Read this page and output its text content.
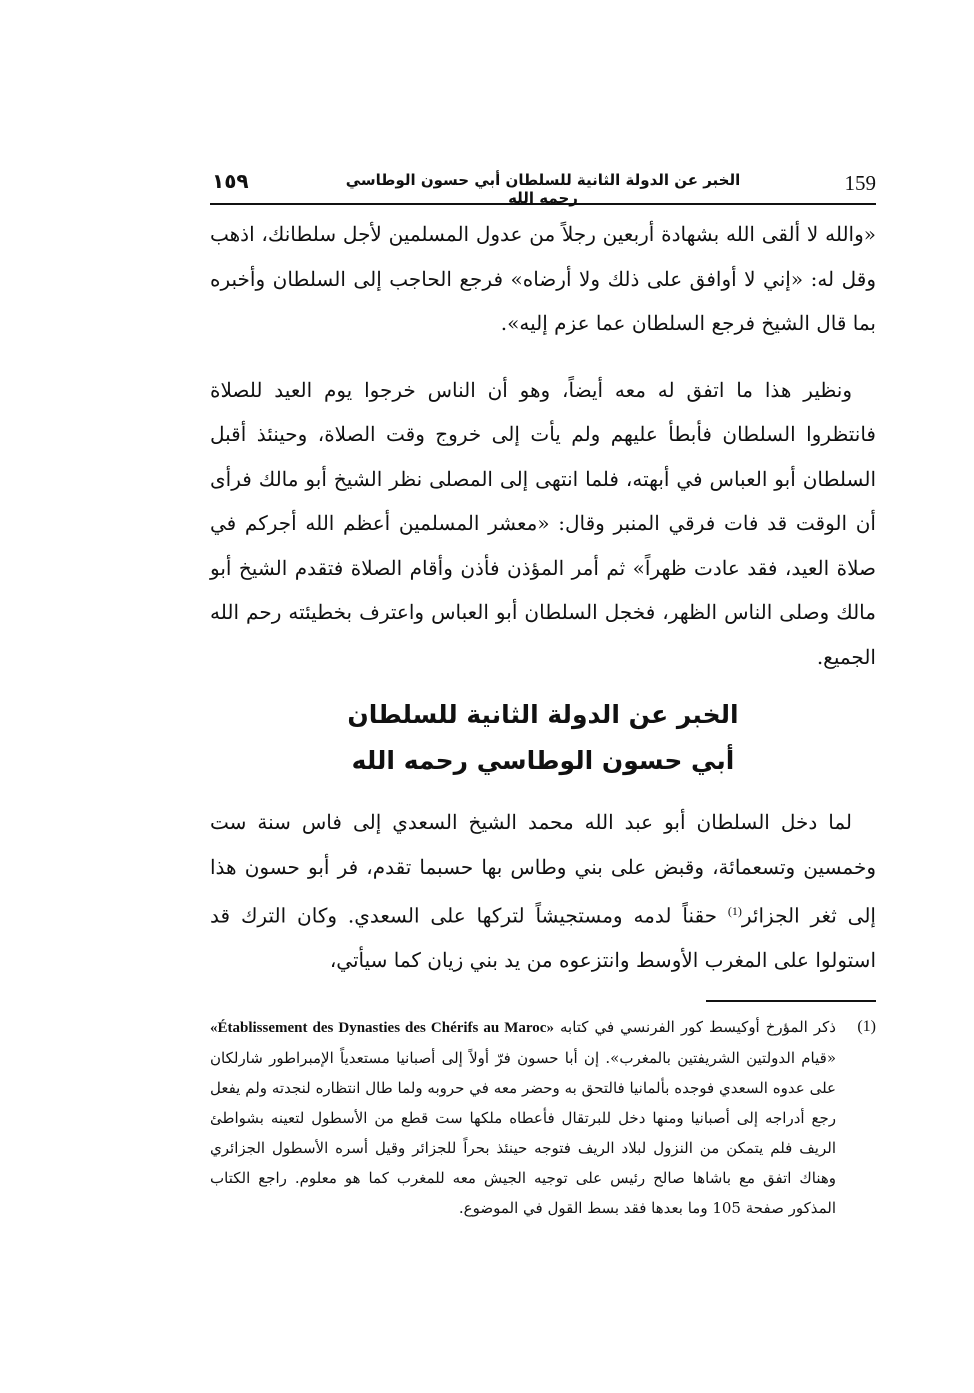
159
الخبر عن الدولة الثانية للسلطان أبي حسون الوطاسي رحمه الله
١٥٩

«والله لا ألقى الله بشهادة أربعين رجلاً من عدول المسلمين لأجل سلطانك، اذهب وقل له: «إني لا أوافق على ذلك ولا أرضاه» فرجع الحاجب إلى السلطان وأخبره بما قال الشيخ فرجع السلطان عما عزم إليه».

ونظير هذا ما اتفق له معه أيضاً، وهو أن الناس خرجوا يوم العيد للصلاة فانتظروا السلطان فأبطأ عليهم ولم يأت إلى خروج وقت الصلاة، وحينئذ أقبل السلطان أبو العباس في أبهته، فلما انتهى إلى المصلى نظر الشيخ أبو مالك فرأى أن الوقت قد فات فرقي المنبر وقال: «معشر المسلمين أعظم الله أجركم في صلاة العيد، فقد عادت ظهراً» ثم أمر المؤذن فأذن وأقام الصلاة فتقدم الشيخ أبو مالك وصلى الناس الظهر، فخجل السلطان أبو العباس واعترف بخطيئته رحم الله الجميع.

الخبر عن الدولة الثانية للسلطان
أبي حسون الوطاسي رحمه الله

لما دخل السلطان أبو عبد الله محمد الشيخ السعدي إلى فاس سنة ست وخمسين وتسعمائة، وقبض على بني وطاس بها حسبما تقدم، فر أبو حسون هذا إلى ثغر الجزائر$^{(1)}$ حقناً لدمه ومستجيشاً لتركها على السعدي. وكان الترك قد استولوا على المغرب الأوسط وانتزعوه من يد بني زيان كما سيأتي،

(1)
ذكر المؤرخ أوكيسط كور الفرنسي في كتابه «Établissement des Dynasties des Chérifs au Maroc» «قيام الدولتين الشريفتين بالمغرب». إن أبا حسون فرّ أولاً إلى أصبانيا مستعدياً الإمبراطور شارلكان على عدوه السعدي فوجده بألمانيا فالتحق به وحضر معه في حروبه ولما طال انتظاره لنجدته ولم يفعل رجع أدراجه إلى أصبانيا ومنها دخل للبرتقال فأعطاه ملكها ست قطع من الأسطول لتعينه بشواطئ الريف فلم يتمكن من النزول لبلاد الريف فتوجه حينئذ بحراً للجزائر وقيل أسره الأسطول الجزائري وهناك اتفق مع باشاها صالح رئيس على توجيه الجيش معه للمغرب كما هو معلوم. راجع الكتاب المذكور صفحة 105 وما بعدها فقد بسط القول في الموضوع.
